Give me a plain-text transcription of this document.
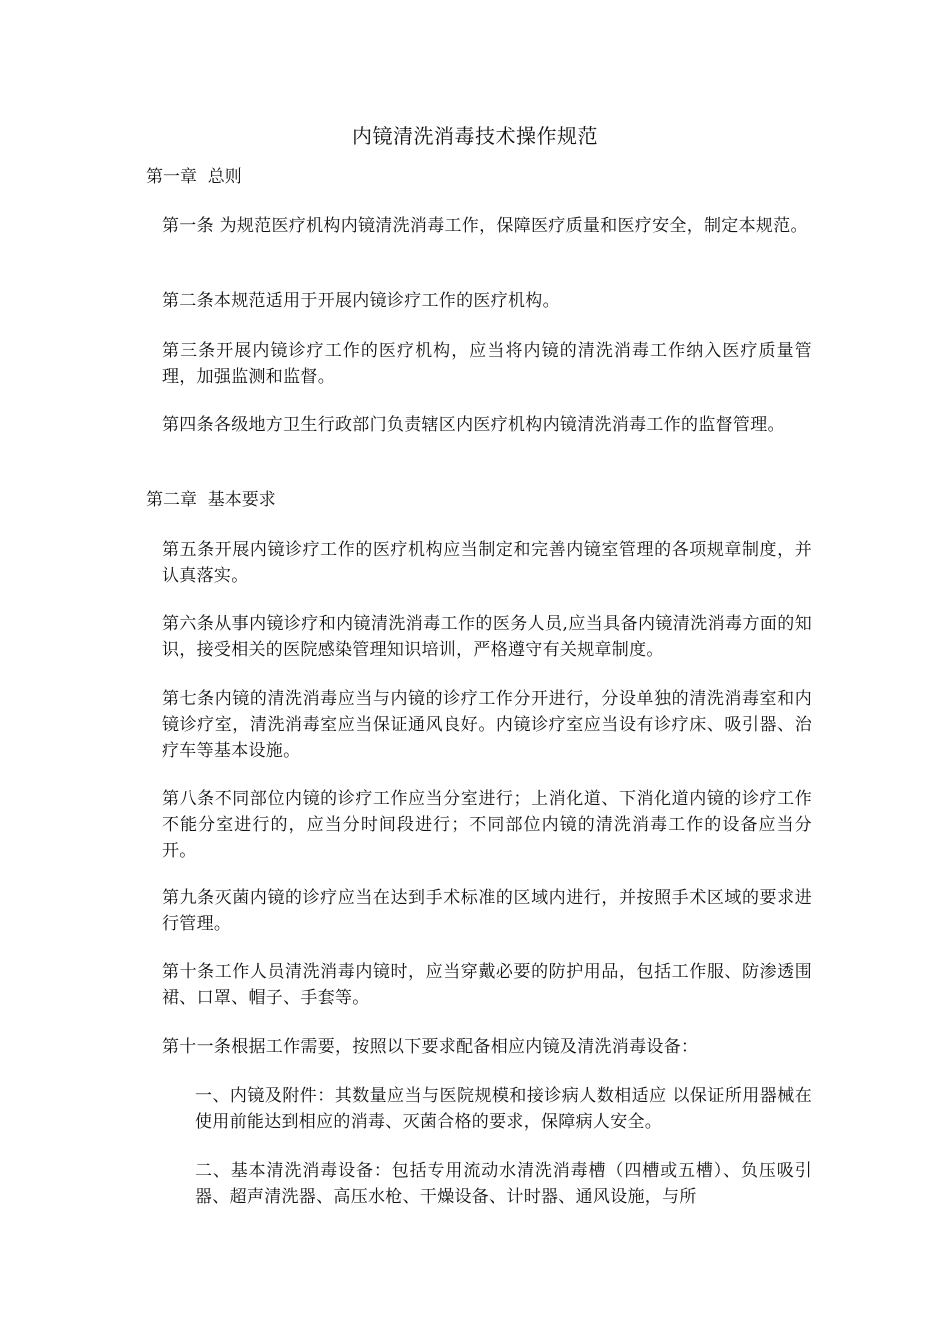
内镜清洗消毒技术操作规范
第一章  总则
第一条 为规范医疗机构内镜清洗消毒工作，保障医疗质量和医疗安全，制定本规范。
第二条本规范适用于开展内镜诊疗工作的医疗机构。
第三条开展内镜诊疗工作的医疗机构，应当将内镜的清洗消毒工作纳入医疗质量管理，加强监测和监督。
第四条各级地方卫生行政部门负责辖区内医疗机构内镜清洗消毒工作的监督管理。
第二章  基本要求
第五条开展内镜诊疗工作的医疗机构应当制定和完善内镜室管理的各项规章制度，并认真落实。
第六条从事内镜诊疗和内镜清洗消毒工作的医务人员,应当具备内镜清洗消毒方面的知识，接受相关的医院感染管理知识培训，严格遵守有关规章制度。
第七条内镜的清洗消毒应当与内镜的诊疗工作分开进行，分设单独的清洗消毒室和内镜诊疗室，清洗消毒室应当保证通风良好。内镜诊疗室应当设有诊疗床、吸引器、治疗车等基本设施。
第八条不同部位内镜的诊疗工作应当分室进行；上消化道、下消化道内镜的诊疗工作不能分室进行的，应当分时间段进行；不同部位内镜的清洗消毒工作的设备应当分开。
第九条灭菌内镜的诊疗应当在达到手术标准的区域内进行，并按照手术区域的要求进行管理。
第十条工作人员清洗消毒内镜时，应当穿戴必要的防护用品，包括工作服、防渗透围裙、口罩、帽子、手套等。
第十一条根据工作需要，按照以下要求配备相应内镜及清洗消毒设备：
一、内镜及附件：其数量应当与医院规模和接诊病人数相适应 以保证所用器械在使用前能达到相应的消毒、灭菌合格的要求，保障病人安全。
二、基本清洗消毒设备：包括专用流动水清洗消毒槽（四槽或五槽）、负压吸引器、超声清洗器、高压水枪、干燥设备、计时器、通风设施，与所
